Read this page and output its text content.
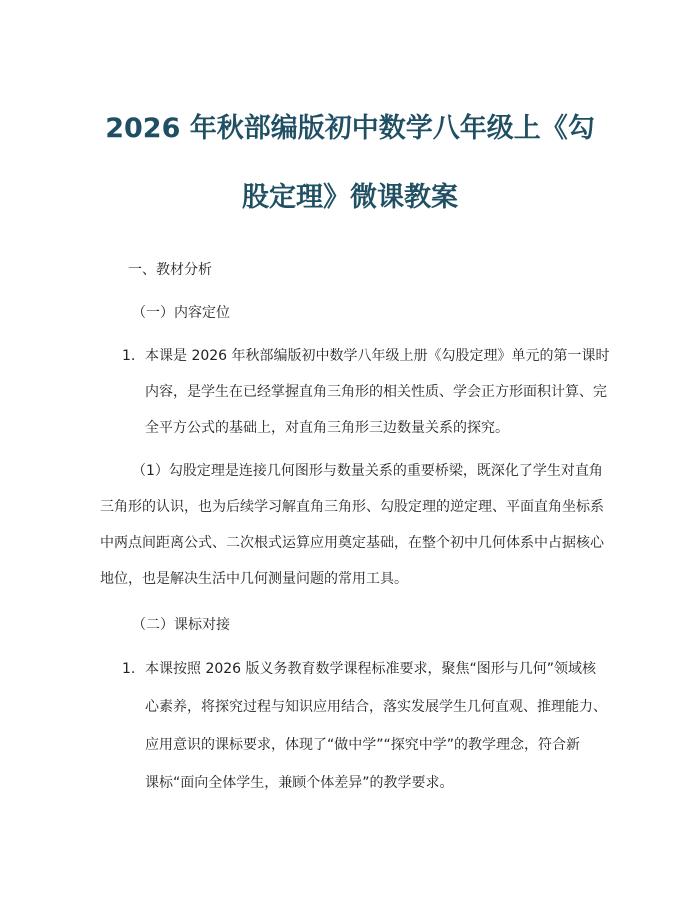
2026 年秋部编版初中数学八年级上《勾
股定理》微课教案

一、教材分析

（一）内容定位

1. 本课是 2026 年秋部编版初中数学八年级上册《勾股定理》单元的第一课时

内容，是学生在已经掌握直角三角形的相关性质、学会正方形面积计算、完

全平方公式的基础上，对直角三角形三边数量关系的探究。

（1）勾股定理是连接几何图形与数量关系的重要桥梁，既深化了学生对直角

三角形的认识，也为后续学习解直角三角形、勾股定理的逆定理、平面直角坐标系

中两点间距离公式、二次根式运算应用奠定基础，在整个初中几何体系中占据核心

地位，也是解决生活中几何测量问题的常用工具。

（二）课标对接

1. 本课按照 2026 版义务教育数学课程标准要求，聚焦“图形与几何”领域核

心素养，将探究过程与知识应用结合，落实发展学生几何直观、推理能力、

应用意识的课标要求，体现了“做中学”“探究中学”的教学理念，符合新

课标“面向全体学生，兼顾个体差异”的教学要求。
